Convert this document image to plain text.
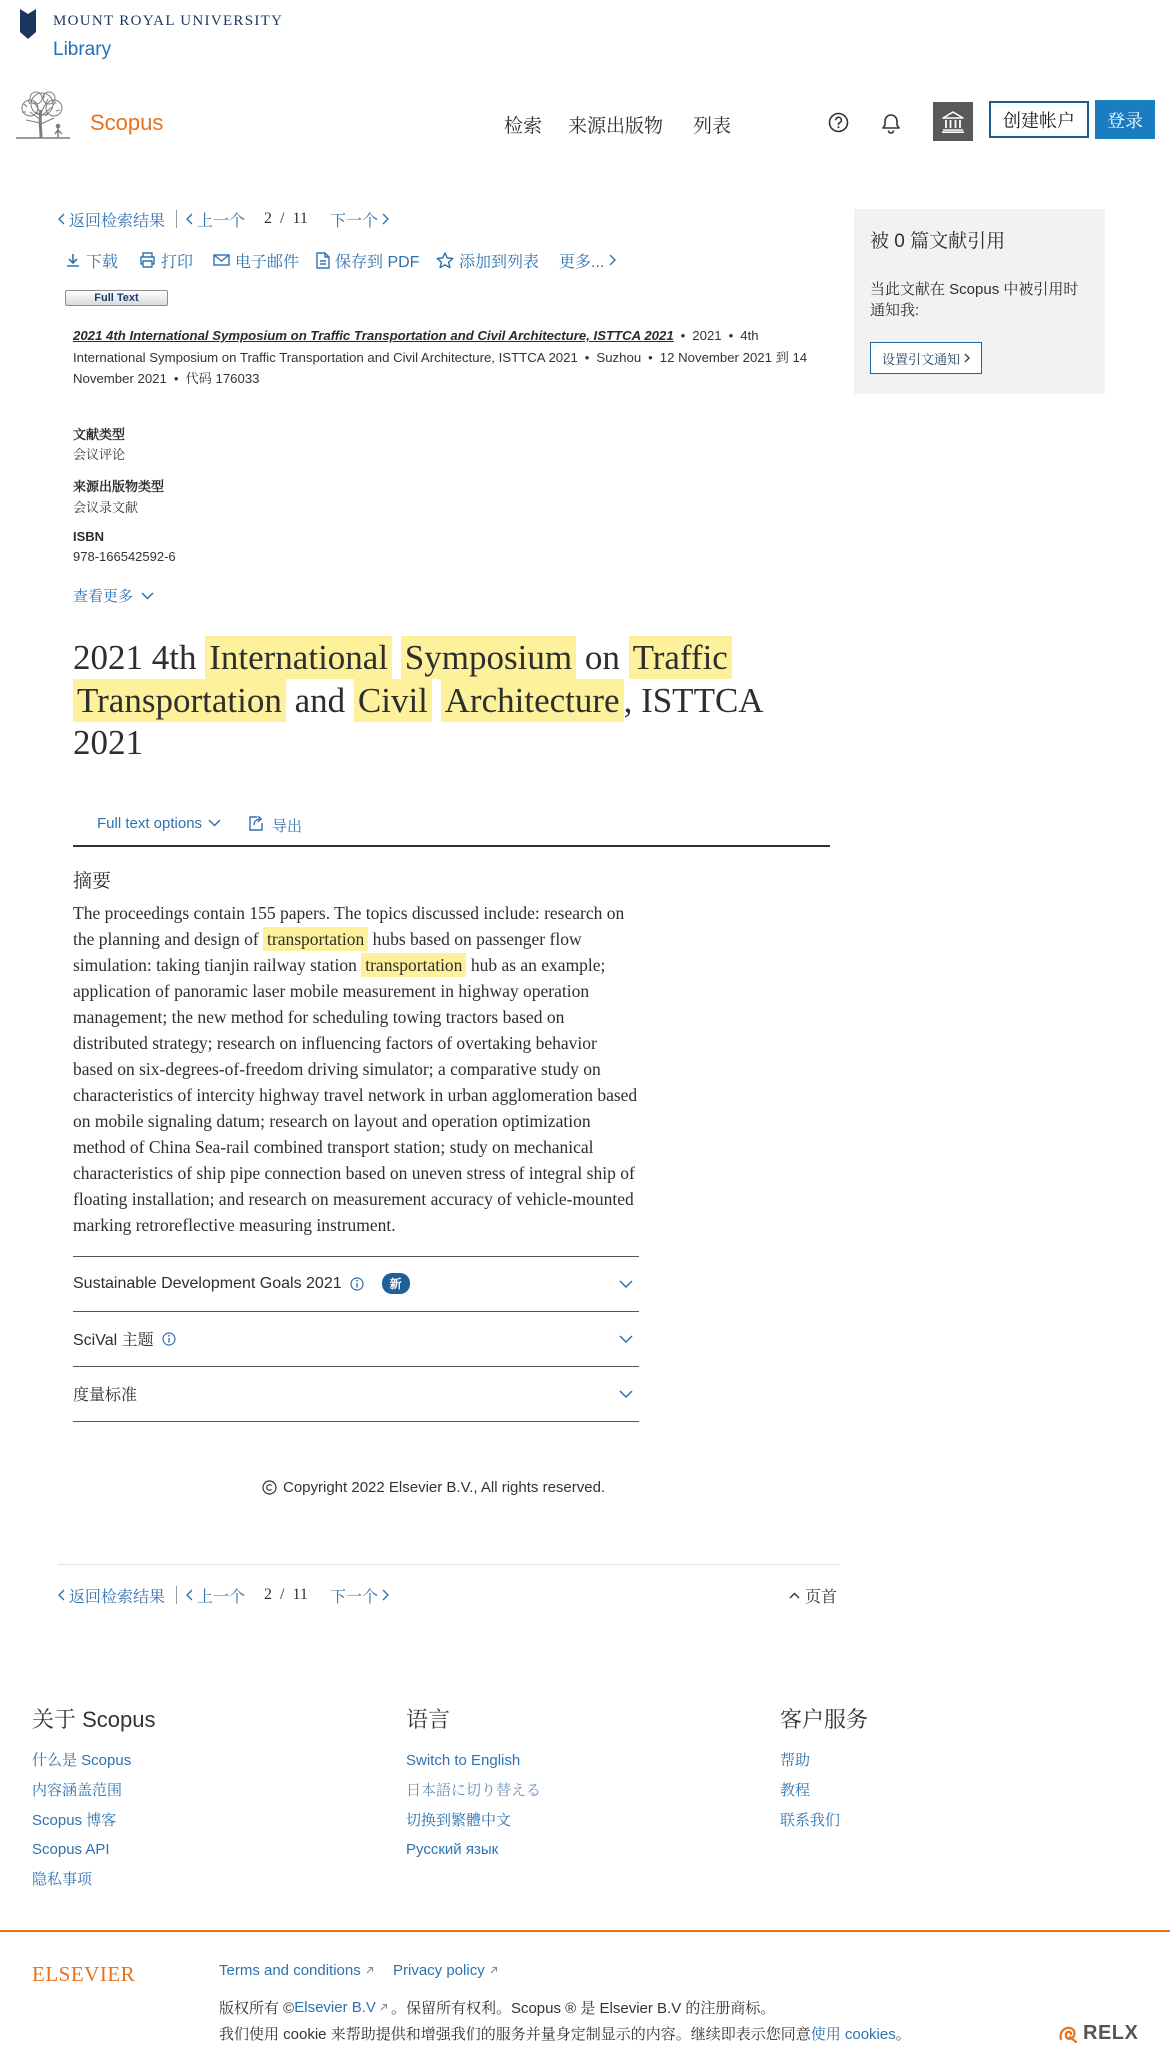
MOUNT ROYAL UNIVERSITY
Library
Scopus	检索 来源出版物 列表	创建帐户	登录
返回检索结果 上一个 2 / 11 下一个
下载	打印	电子邮件 保存到 PDF 添加到列表 更多...
Full Text
2021 4th International Symposium on Traffic Transportation and Civil Architecture, ISTTCA 2021 • 2021 • 4th International Symposium on Traffic Transportation and Civil Architecture, ISTTCA 2021 • Suzhou • 12 November 2021 到 14 November 2021 • 代码 176033
文献类型
会议评论
来源出版物类型
会议录文献
ISBN
978-166542592-6
查看更多
2021 4th International Symposium on Traffic Transportation and Civil Architecture , ISTTCA 2021
Full text options	导出
摘要

The proceedings contain 155 papers. The topics discussed include: research on the planning and design of transportation hubs based on passenger flow simulation: taking tianjin railway station transportation hub as an example; application of panoramic laser mobile measurement in highway operation management; the new method for scheduling towing tractors based on distributed strategy; research on influencing factors of overtaking behavior based on six-degrees-of-freedom driving simulator; a comparative study on characteristics of intercity highway travel network in urban agglomeration based on mobile signaling datum; research on layout and operation optimization method of China Sea-rail combined transport station; study on mechanical characteristics of ship pipe connection based on uneven stress of integral ship of floating installation; and research on measurement accuracy of vehicle-mounted marking retroreflective measuring instrument.

Sustainable Development Goals 2021	新
SciVal 主题
度量标准
Copyright 2022 Elsevier B.V., All rights reserved.
被 0 篇文献引用
当此文献在 Scopus 中被引用时通知我:
设置引文通知
返回检索结果 上一个 2 / 11 下一个	页首
关于 Scopus
什么是 Scopus
内容涵盖范围
Scopus 博客
Scopus API
隐私事项
语言
Switch to English
日本語に切り替える
切换到繁體中文
Русский язык
客户服务
帮助
教程
联系我们
ELSEVIER	Terms and conditions Privacy policy
版权所有 © Elsevier B.V 。保留所有权利。Scopus ® 是 Elsevier B.V 的注册商标。
我们使用 cookie 来帮助提供和增强我们的服务并量身定制显示的内容。继续即表示您同意 使用 cookies 。	RELX
